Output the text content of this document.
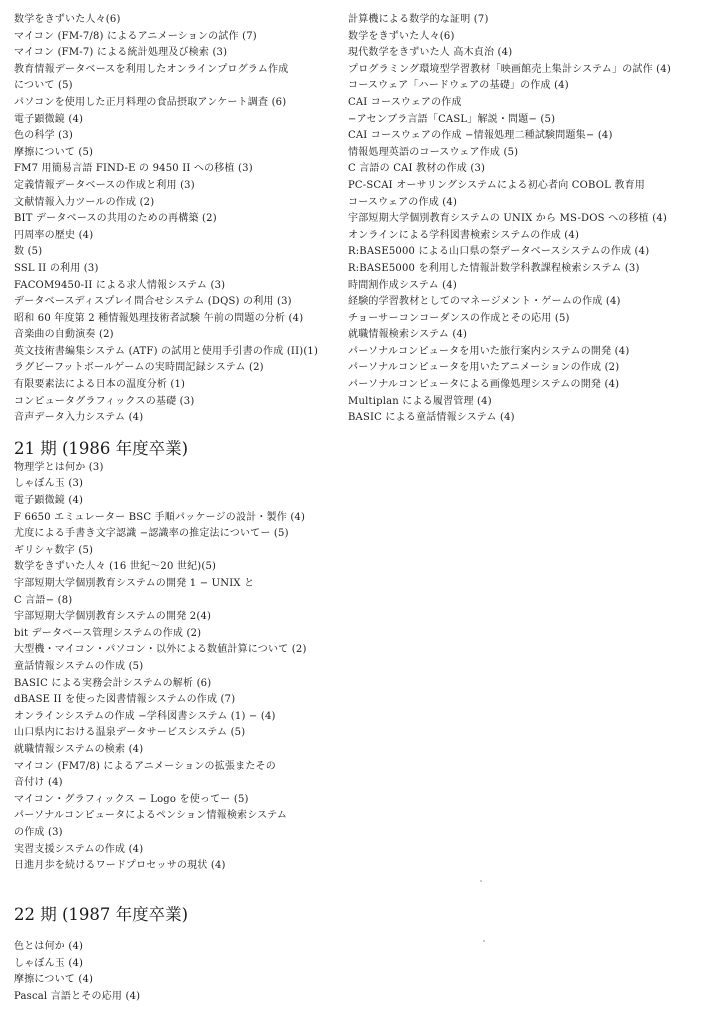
数学をきずいた人々(6)
マイコン (FM-7/8) によるアニメーションの試作 (7)
マイコン (FM-7) による統計処理及び検索 (3)
教育情報データベースを利用したオンラインプログラム作成
について (5)
パソコンを使用した正月料理の食品摂取アンケート調査 (6)
電子顕微鏡 (4)
色の科学 (3)
摩擦について (5)
FM7 用簡易言語 FIND-E の 9450 II への移植 (3)
定義情報データベースの作成と利用 (3)
文献情報入力ツールの作成 (2)
BIT データベースの共用のための再構築 (2)
円周率の歴史 (4)
数 (5)
SSL II の利用 (3)
FACOM9450-II による求人情報システム (3)
データベースディスプレイ問合せシステム (DQS) の利用 (3)
昭和 60 年度第 2 種情報処理技術者試験 午前の問題の分析 (4)
音楽曲の自動演奏 (2)
英文技術書編集システム (ATF) の試用と使用手引書の作成 (II)(1)
ラグビーフットボールゲームの実時間記録システム (2)
有限要素法による日本の温度分析 (1)
コンピュータグラフィックスの基礎 (3)
音声データ入力システム (4)
21 期 (1986 年度卒業)
物理学とは何か (3)
しゃぼん玉 (3)
電子顕微鏡 (4)
F 6650 エミュレーター BSC 手順パッケージの設計・製作 (4)
尤度による手書き文字認識 −認識率の推定法についてー (5)
ギリシャ数字 (5)
数学をきずいた人々 (16 世紀〜20 世紀)(5)
宇部短期大学個別教育システムの開発 1 − UNIX と
C 言語− (8)
宇部短期大学個別教育システムの開発 2(4)
bit データベース管理システムの作成 (2)
大型機・マイコン・パソコン・以外による数値計算について (2)
童話情報システムの作成 (5)
BASIC による実務会計システムの解析 (6)
dBASE II を使った図書情報システムの作成 (7)
オンラインシステムの作成 −学科図書システム (1) − (4)
山口県内における温泉データサービスシステム (5)
就職情報システムの検索 (4)
マイコン (FM7/8) によるアニメーションの拡張またその
音付け (4)
マイコン・グラフィックス − Logo を使ってー (5)
パーソナルコンピュータによるペンション情報検索システム
の作成 (3)
実習支援システムの作成 (4)
日進月歩を続けるワードプロセッサの現状 (4)
22 期 (1987 年度卒業)
色とは何か (4)
しゃぼん玉 (4)
摩擦について (4)
Pascal 言語とその応用 (4)
計算機による数学的な証明 (7)
数学をきずいた人々(6)
現代数学をきずいた人 高木貞治 (4)
プログラミング環境型学習教材「映画館売上集計システム」の試作 (4)
コースウェア「ハードウェアの基礎」の作成 (4)
CAI コースウェアの作成
−アセンブラ言語「CASL」解説・問題− (5)
CAI コースウェアの作成 −情報処理二種試験問題集− (4)
情報処理英語のコースウェア作成 (5)
C 言語の CAI 教材の作成 (3)
PC-SCAI オーサリングシステムによる初心者向 COBOL 教育用
コースウェアの作成 (4)
宇部短期大学個別教育システムの UNIX から MS-DOS への移植 (4)
オンラインによる学科図書検索システムの作成 (4)
R:BASE5000 による山口県の祭データベースシステムの作成 (4)
R:BASE5000 を利用した情報計数学科教課程検索システム (3)
時間割作成システム (4)
経験的学習教材としてのマネージメント・ゲームの作成 (4)
チョーサーコンコーダンスの作成とその応用 (5)
就職情報検索システム (4)
パーソナルコンピュータを用いた旅行案内システムの開発 (4)
パーソナルコンピュータを用いたアニメーションの作成 (2)
パーソナルコンピュータによる画像処理システムの開発 (4)
Multiplan による履習管理 (4)
BASIC による童話情報システム (4)
